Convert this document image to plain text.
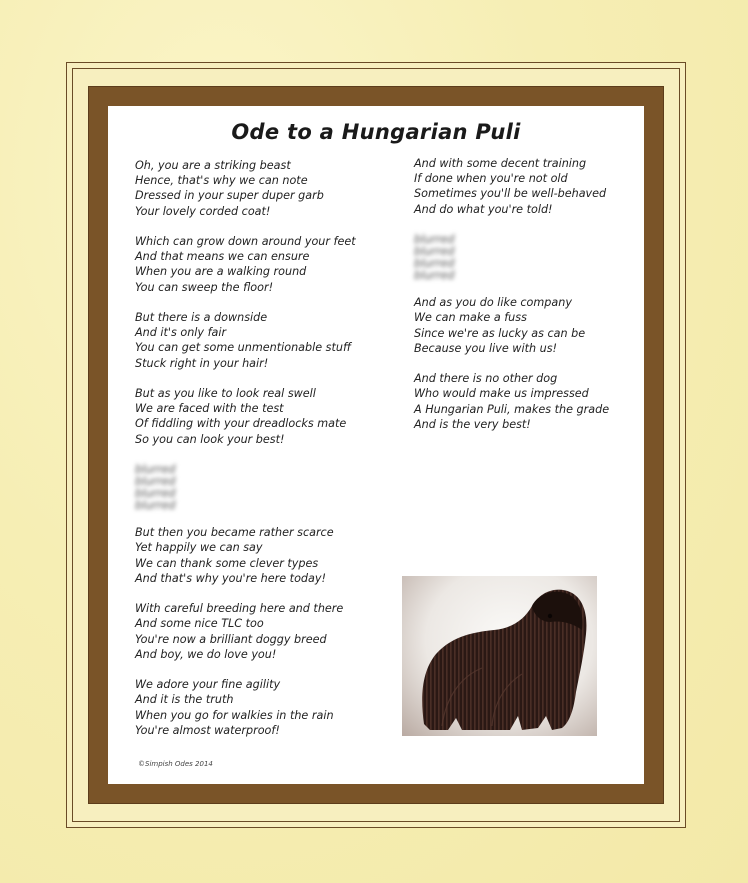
Ode to a Hungarian Puli
Oh, you are a striking beast
Hence, that's why we can note
Dressed in your super duper garb
Your lovely corded coat!
Which can grow down around your feet
And that means we can ensure
When you are a walking round
You can sweep the floor!
But there is a downside
And it's only fair
You can get some unmentionable stuff
Stuck right in your hair!
But as you like to look real swell
We are faced with the test
Of fiddling with your dreadlocks mate
So you can look your best!
blurred
blurred
blurred
blurred
But then you became rather scarce
Yet happily we can say
We can thank some clever types
And that's why you're here today!
With careful breeding here and there
And some nice TLC too
You're now a brilliant doggy breed
And boy, we do love you!
We adore your fine agility
And it is the truth
When you go for walkies in the rain
You're almost waterproof!
And with some decent training
If done when you're not old
Sometimes you'll be well-behaved
And do what you're told!
blurred
blurred
blurred
blurred
And as you do like company
We can make a fuss
Since we're as lucky as can be
Because you live with us!
And there is no other dog
Who would make us impressed
A Hungarian Puli, makes the grade
And is the very best!
©Simpish Odes 2014
